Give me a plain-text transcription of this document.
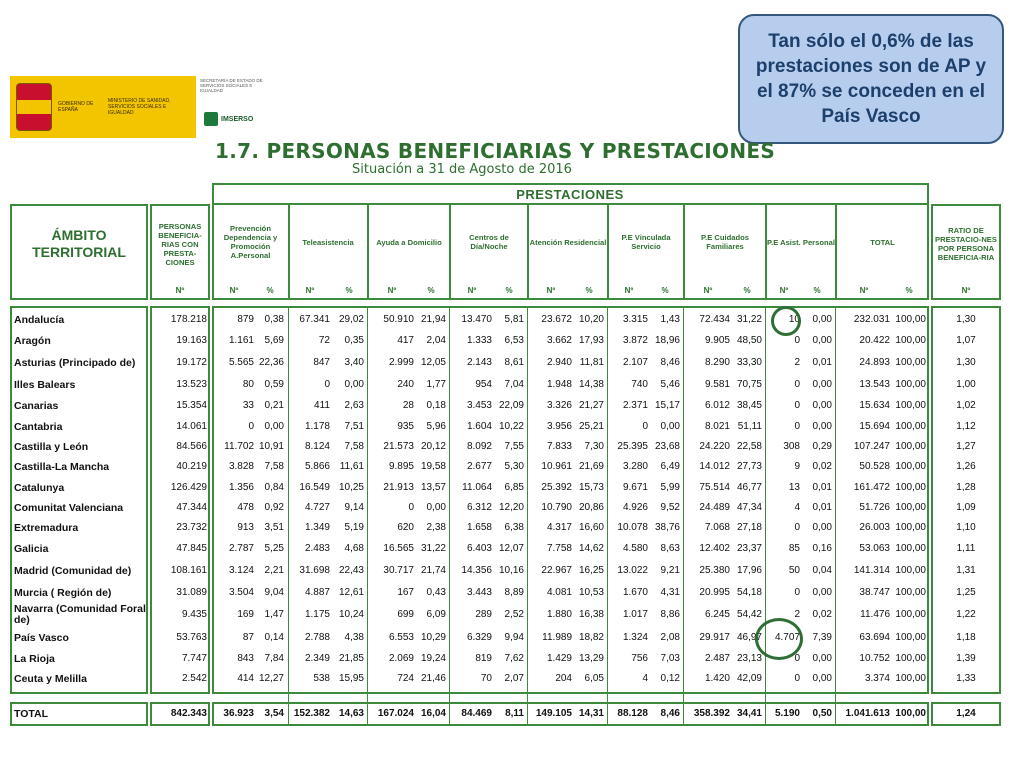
GOBIERNO DE ESPAÑA
MINISTERIO DE SANIDAD, SERVICIOS SOCIALES E IGUALDAD
SECRETARÍA DE ESTADO DE SERVICIOS SOCIALES E IGUALDAD
IMSERSO
Tan sólo el 0,6% de las prestaciones son de AP y el 87% se conceden en el País Vasco
1.7. PERSONAS BENEFICIARIAS Y PRESTACIONES
Situación a 31 de Agosto de 2016
ÁMBITO TERRITORIAL
PERSONAS BENEFICIA-RIAS CON PRESTA-CIONES
PRESTACIONES
RATIO DE PRESTACIO-NES POR PERSONA BENEFICIA-RIA
Prevención Dependencia y Promoción A.Personal
Teleasistencia	Ayuda a Domicilio	Centros de Día/Noche	Atención Residencial	P.E Vinculada Servicio
P.E Cuidados Familiares	P.E Asist. Personal	TOTAL
Nº	Nº	%	Nº	%	Nº	%	Nº	%	Nº	%	Nº	%	Nº	%	Nº	%	Nº	%	Nº
Andalucía	178.218	879	0,38	67.341 29,02	50.910 21,94	13.470	5,81	23.672 10,20	3.315	1,43	72.434 31,22	10	0,00	232.031 100,00	1,30
Aragón	19.163	1.161	5,69	72	0,35	417	2,04	1.333	6,53	3.662 17,93	3.872 18,96	9.905 48,50	0	0,00	20.422 100,00	1,07
Asturias (Principado de)	19.172	5.565 22,36	847	3,40	2.999 12,05	2.143	8,61	2.940 11,81	2.107	8,46	8.290 33,30	2	0,01	24.893 100,00	1,30
Illes Balears	13.523	80	0,59	0	0,00	240	1,77	954	7,04	1.948 14,38	740	5,46	9.581 70,75	0	0,00	13.543 100,00	1,00
Canarias	15.354	33	0,21	411	2,63	28	0,18	3.453 22,09	3.326 21,27	2.371 15,17	6.012 38,45	0	0,00	15.634 100,00	1,02
Cantabria	14.061	0	0,00	1.178	7,51	935	5,96	1.604 10,22	3.956 25,21	0	0,00	8.021 51,11	0	0,00	15.694 100,00	1,12
Castilla y León	84.566	11.702 10,91	8.124	7,58	21.573 20,12	8.092	7,55	7.833	7,30	25.395 23,68	24.220 22,58	308	0,29	107.247 100,00	1,27
Castilla-La Mancha	40.219	3.828	7,58	5.866 11,61	9.895 19,58	2.677	5,30	10.961 21,69	3.280	6,49	14.012 27,73	9	0,02	50.528 100,00	1,26
Catalunya	126.429	1.356	0,84	16.549 10,25	21.913 13,57	11.064	6,85	25.392 15,73	9.671	5,99	75.514 46,77	13	0,01	161.472 100,00	1,28
Comunitat Valenciana	47.344	478	0,92	4.727	9,14	0	0,00	6.312 12,20	10.790 20,86	4.926	9,52	24.489 47,34	4	0,01	51.726 100,00	1,09
Extremadura	23.732	913	3,51	1.349	5,19	620	2,38	1.658	6,38	4.317 16,60	10.078 38,76	7.068 27,18	0	0,00	26.003 100,00	1,10
Galicia	47.845	2.787	5,25	2.483	4,68	16.565 31,22	6.403 12,07	7.758 14,62	4.580	8,63	12.402 23,37	85	0,16	53.063 100,00	1,11
Madrid (Comunidad de)	108.161	3.124	2,21	31.698 22,43	30.717 21,74	14.356 10,16	22.967 16,25	13.022	9,21	25.380 17,96	50	0,04	141.314 100,00	1,31
Murcia ( Región de)	31.089	3.504	9,04	4.887 12,61	167	0,43	3.443	8,89	4.081 10,53	1.670	4,31	20.995 54,18	0	0,00	38.747 100,00	1,25
Navarra (Comunidad Foral de)	9.435	169	1,47	1.175 10,24	699	6,09	289	2,52	1.880 16,38	1.017	8,86	6.245 54,42	2	0,02	11.476 100,00	1,22
País Vasco	53.763	87	0,14	2.788	4,38	6.553 10,29	6.329	9,94	11.989 18,82	1.324	2,08	29.917 46,97	4.707	7,39	63.694 100,00	1,18
La Rioja	7.747	843	7,84	2.349 21,85	2.069 19,24	819	7,62	1.429 13,29	756	7,03	2.487 23,13	0	0,00	10.752 100,00	1,39
Ceuta y Melilla	2.542	414 12,27	538 15,95	724 21,46	70	2,07	204	6,05	4	0,12	1.420 42,09	0	0,00	3.374 100,00	1,33
TOTAL	842.343	36.923	3,54 152.382 14,63	167.024 16,04	84.469	8,11	149.105 14,31	88.128	8,46	358.392 34,41	5.190	0,50	1.041.613 100,00	1,24
